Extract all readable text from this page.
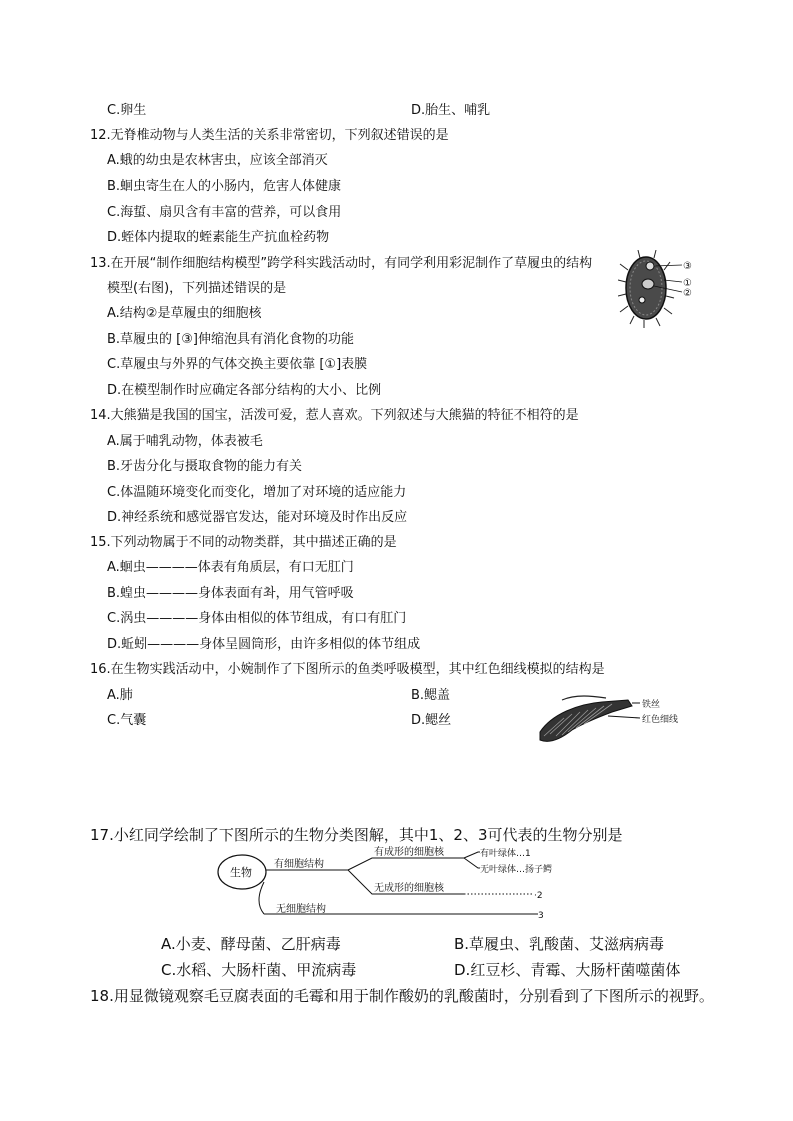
C.卵生	D.胎生、哺乳
12.无脊椎动物与人类生活的关系非常密切，下列叙述错误的是
A.蛾的幼虫是农林害虫，应该全部消灭
B.蛔虫寄生在人的小肠内，危害人体健康
C.海蜇、扇贝含有丰富的营养，可以食用
D.蛭体内提取的蛭素能生产抗血栓药物
13.在开展“制作细胞结构模型”跨学科实践活动时，有同学利用彩泥制作了草履虫的结构
模型(右图)，下列描述错误的是
A.结构②是草履虫的细胞核
B.草履虫的 [③]伸缩泡具有消化食物的功能
C.草履虫与外界的气体交换主要依靠 [①]表膜
D.在模型制作时应确定各部分结构的大小、比例
③
①
②
14.大熊猫是我国的国宝，活泼可爱，惹人喜欢。下列叙述与大熊猫的特征不相符的是
A.属于哺乳动物，体表被毛
B.牙齿分化与摄取食物的能力有关
C.体温随环境变化而变化，增加了对环境的适应能力
D.神经系统和感觉器官发达，能对环境及时作出反应
15.下列动物属于不同的动物类群，其中描述正确的是
A.蛔虫————体表有角质层，有口无肛门
B.蝗虫————身体表面有촤，用气管呼吸
C.涡虫————身体由相似的体节组成，有口有肛门
D.蚯蚓————身体呈圆筒形，由许多相似的体节组成
16.在生物实践活动中，小婉制作了下图所示的鱼类呼吸模型，其中红色细线模拟的结构是
A.肺	B.鳃盖
C.气囊	D.鳃丝
铁丝
红色细线
17.小红同学绘制了下图所示的生物分类图解，其中1、2、3可代表的生物分别是
生物
有细胞结构
有成形的细胞核
无成形的细胞核
有叶绿体…1
无叶绿体…扬子鳄
·2
无细胞结构
3
A.小麦、酵母菌、乙肝病毒	B.草履虫、乳酸菌、艾滋病病毒
C.水稻、大肠杆菌、甲流病毒	D.红豆杉、青霉、大肠杆菌噬菌体
18.用显微镜观察毛豆腐表面的毛霉和用于制作酸奶的乳酸菌时，分别看到了下图所示的视野。
